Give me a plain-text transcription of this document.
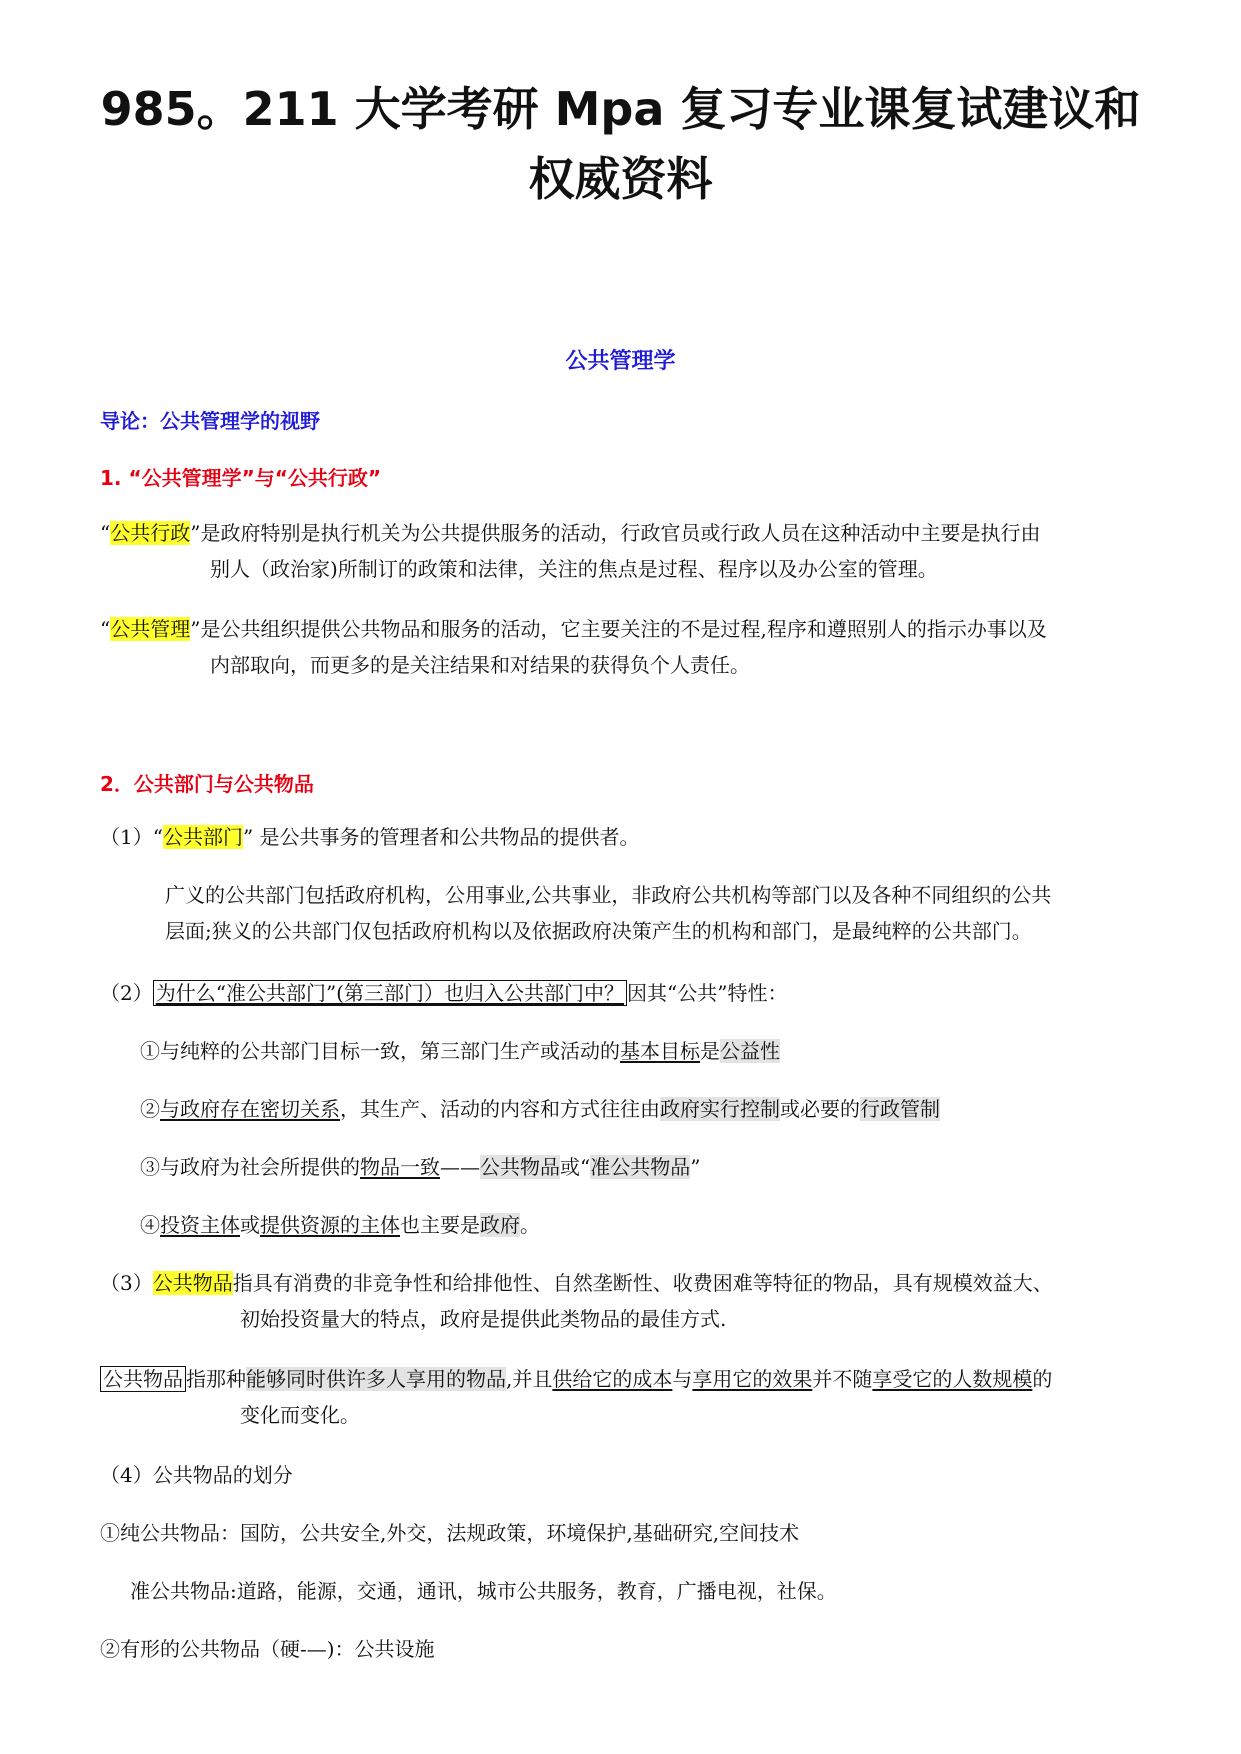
985。211 大学考研 Mpa 复习专业课复试建议和
权威资料
公共管理学
导论：公共管理学的视野
1. “公共管理学”与“公共行政”
“公共行政”是政府特别是执行机关为公共提供服务的活动，行政官员或行政人员在这种活动中主要是执行由
别人（政治家)所制订的政策和法律，关注的焦点是过程、程序以及办公室的管理。
“公共管理”是公共组织提供公共物品和服务的活动，它主要关注的不是过程,程序和遵照别人的指示办事以及
内部取向，而更多的是关注结果和对结果的获得负个人责任。
2．公共部门与公共物品
（1）“公共部门” 是公共事务的管理者和公共物品的提供者。
广义的公共部门包括政府机构，公用事业,公共事业，非政府公共机构等部门以及各种不同组织的公共
层面;狭义的公共部门仅包括政府机构以及依据政府决策产生的机构和部门，是最纯粹的公共部门。
（2） 为什么“准公共部门”(第三部门）也归入公共部门中？ 因其“公共”特性：
①与纯粹的公共部门目标一致，第三部门生产或活动的基本目标是公益性
②与政府存在密切关系，其生产、活动的内容和方式往往由政府实行控制或必要的行政管制
③与政府为社会所提供的物品一致——公共物品或“准公共物品”
④投资主体或提供资源的主体也主要是政府。
（3）公共物品指具有消费的非竞争性和给排他性、自然垄断性、收费困难等特征的物品，具有规模效益大、
初始投资量大的特点，政府是提供此类物品的最佳方式.
公共物品 指那种能够同时供许多人享用的物品,并且供给它的成本与享用它的效果并不随享受它的人数规模的
变化而变化。
（4）公共物品的划分
①纯公共物品：国防，公共安全,外交，法规政策，环境保护,基础研究,空间技术
准公共物品:道路，能源，交通，通讯，城市公共服务，教育，广播电视，社保。
②有形的公共物品（硬-—)：公共设施
